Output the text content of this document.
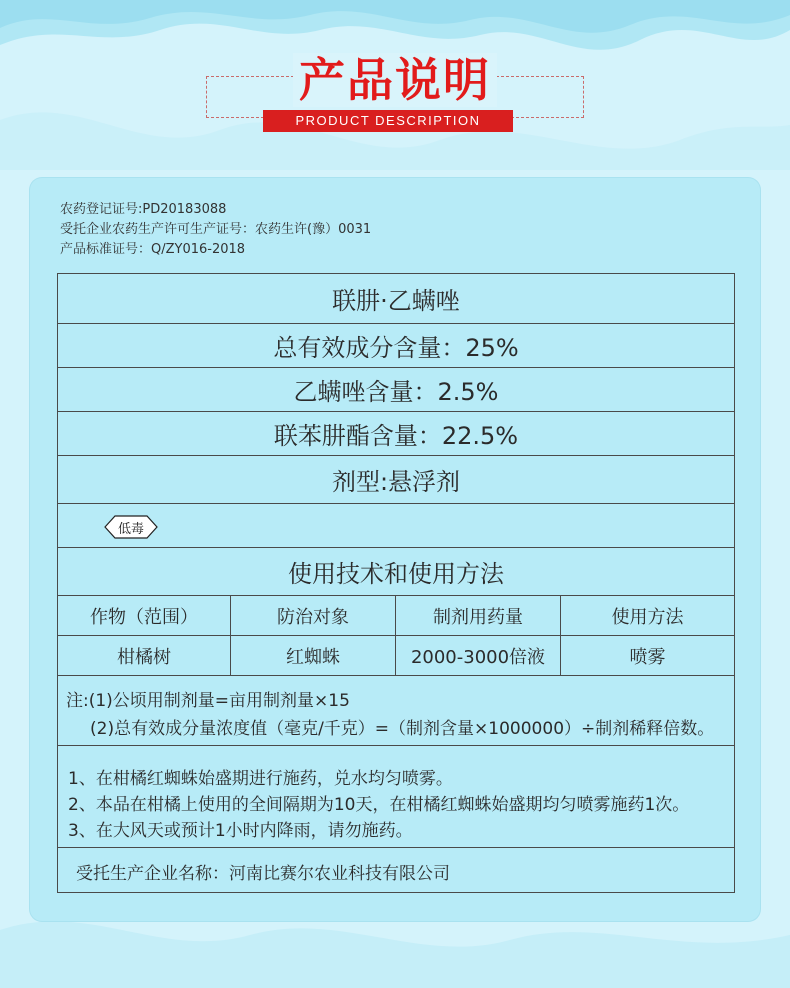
产品说明
PRODUCT DESCRIPTION
农药登记证号:PD20183088
受托企业农药生产许可生产证号：农药生许(豫）0031
产品标准证号：Q/ZY016-2018
联肼·乙螨唑
总有效成分含量：25%
乙螨唑含量：2.5%
联苯肼酯含量：22.5%
剂型:悬浮剂
低毒
使用技术和使用方法
作物（范围）	防治对象	制剂用药量	使用方法
柑橘树	红蜘蛛	2000-3000倍液	喷雾
注:(1)公顷用制剂量=亩用制剂量×15
(2)总有效成分量浓度值（毫克/千克）=（制剂含量×1000000）÷制剂稀释倍数。
1、在柑橘红蜘蛛始盛期进行施药，兑水均匀喷雾。
2、本品在柑橘上使用的全间隔期为10天，在柑橘红蜘蛛始盛期均匀喷雾施药1次。
3、在大风天或预计1小时内降雨，请勿施药。
受托生产企业名称：河南比赛尔农业科技有限公司
